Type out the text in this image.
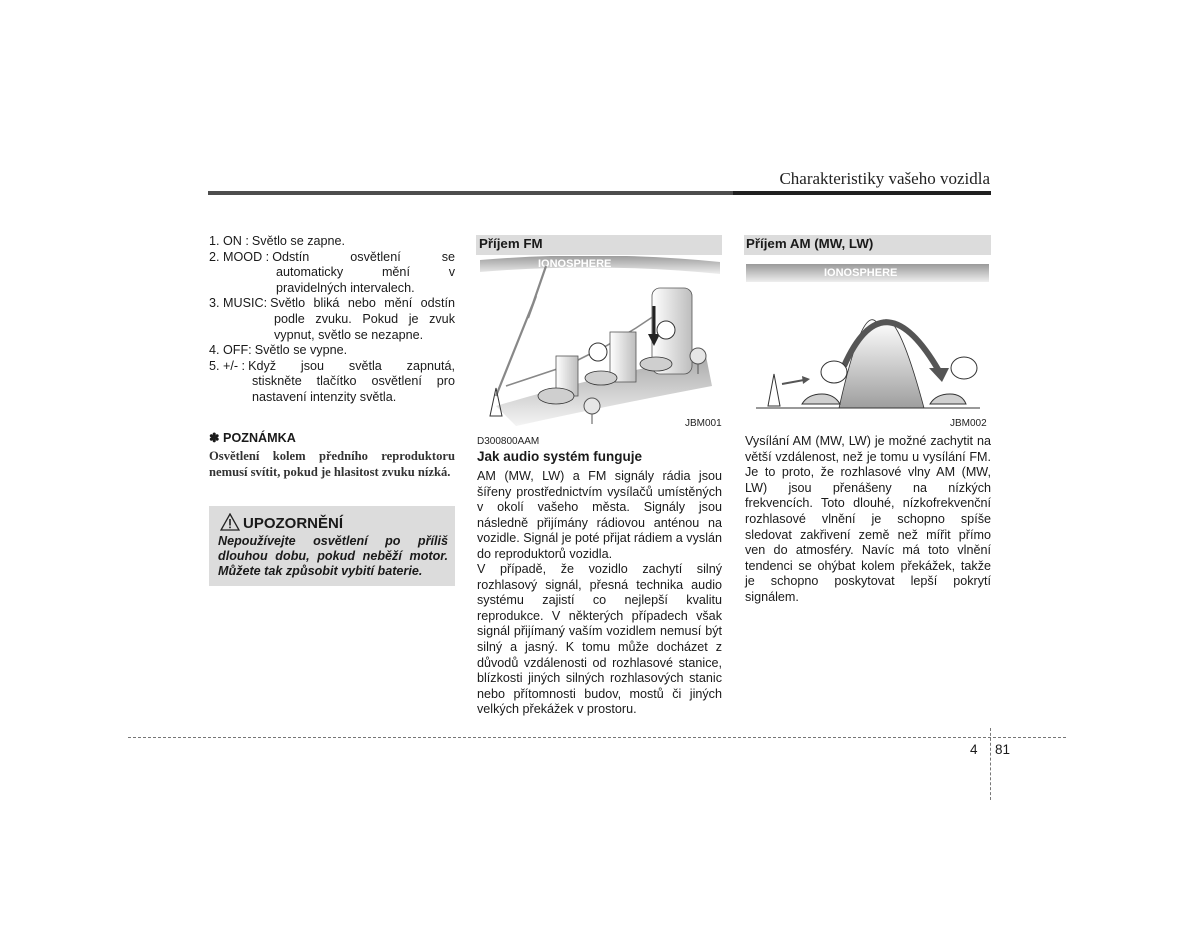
Charakteristiky vašeho vozidla
1. ON : Světlo se zapne.
2. MOOD : Odstín osvětlení se
automaticky mění v
pravidelných intervalech.
3. MUSIC: Světlo bliká nebo mění odstín
podle zvuku. Pokud je zvuk
vypnut, světlo se nezapne.
4. OFF: Světlo se vypne.
5. +/- : Když jsou světla zapnutá,
stiskněte tlačítko osvětlení pro
nastavení intenzity světla.
✽ POZNÁMKA
Osvětlení kolem předního reproduktoru nemusí svítit, pokud je hlasitost zvuku nízká.
UPOZORNĚNÍ
Nepoužívejte osvětlení po příliš dlouhou dobu, pokud neběží motor. Můžete tak způsobit vybití baterie.
Příjem FM
IONOSPHERE
JBM001
D300800AAM
Jak audio systém funguje
AM (MW, LW) a FM signály rádia jsou šířeny prostřednictvím vysílačů umístěných v okolí vašeho města. Signály jsou následně přijímány rádiovou anténou na vozidle. Signál je poté přijat rádiem a vyslán do reproduktorů vozidla.
V případě, že vozidlo zachytí silný rozhlasový signál, přesná technika audio systému zajistí co nejlepší kvalitu reprodukce. V některých případech však signál přijímaný vaším vozidlem nemusí být silný a jasný. K tomu může docházet z důvodů vzdálenosti od rozhlasové stanice, blízkosti jiných silných rozhlasových stanic nebo přítomnosti budov, mostů či jiných velkých překážek v prostoru.
Příjem AM (MW, LW)
IONOSPHERE
JBM002
Vysílání AM (MW, LW) je možné zachytit na větší vzdálenost, než je tomu u vysílání FM. Je to proto, že rozhlasové vlny AM (MW, LW) jsou přenášeny na nízkých frekvencích. Toto dlouhé, nízkofrekvenční rozhlasové vlnění je schopno spíše sledovat zakřivení země než mířit přímo ven do atmosféry. Navíc má toto vlnění tendenci se ohýbat kolem překážek, takže je schopno poskytovat lepší pokrytí signálem.
4 81
